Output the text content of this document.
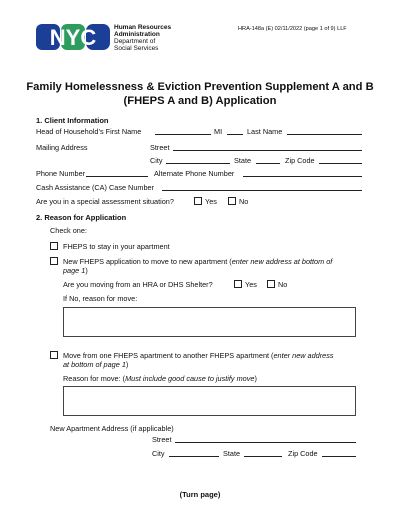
NYC	Human Resources
Administration
Department of
Social Services
HRA-148a (E) 02/11/2022 (page 1 of 9) LLF
Family Homelessness & Eviction Prevention Supplement A and B
(FHEPS A and B) Application
1. Client Information
Head of Household’s First Name	MI	Last Name
Mailing Address	Street
City	State	Zip Code
Phone Number	Alternate Phone Number
Cash Assistance (CA) Case Number
Are you in a special assessment situation?	Yes	No
2. Reason for Application
Check one:
FHEPS to stay in your apartment
New FHEPS application to move to new apartment (enter new address at bottom of
page 1)
Are you moving from an HRA or DHS Shelter?	Yes	No
If No, reason for move:
Move from one FHEPS apartment to another FHEPS apartment (enter new address
at bottom of page 1)
Reason for move: (Must include good cause to justify move)
New Apartment Address (if applicable)
Street
City	State	Zip Code
(Turn page)
